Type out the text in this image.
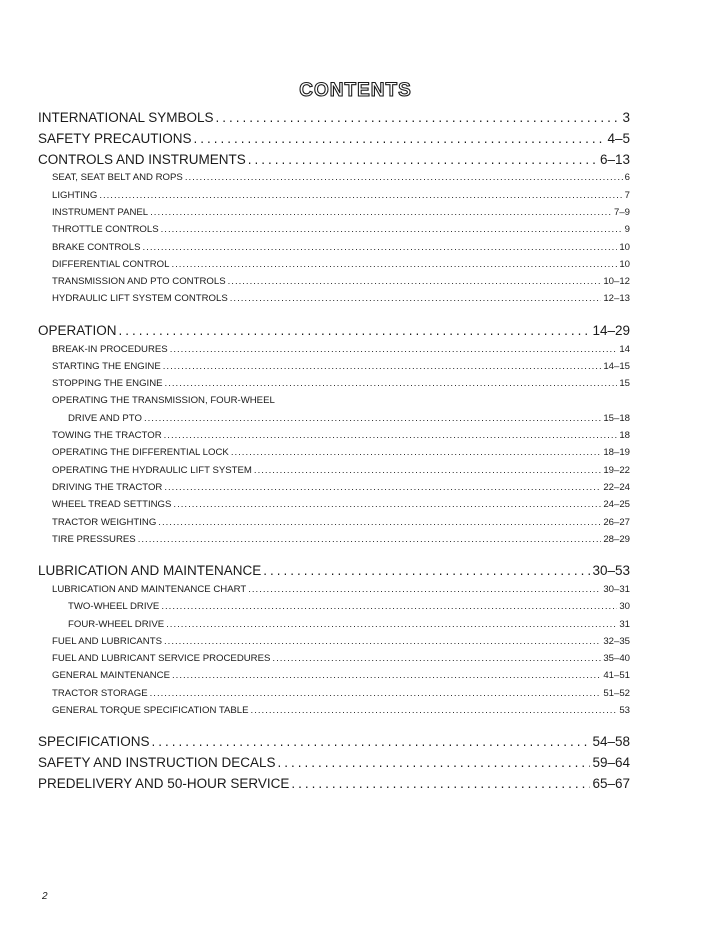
CONTENTS
INTERNATIONAL SYMBOLS .....	3
SAFETY PRECAUTIONS .....	4–5
CONTROLS AND INSTRUMENTS .....	6–13
SEAT, SEAT BELT AND ROPS .....	6
LIGHTING .....	7
INSTRUMENT PANEL .....	7–9
THROTTLE CONTROLS .....	9
BRAKE CONTROLS .....	10
DIFFERENTIAL CONTROL .....	10
TRANSMISSION AND PTO CONTROLS .....	10–12
HYDRAULIC LIFT SYSTEM CONTROLS .....	12–13
OPERATION .....	14–29
BREAK-IN PROCEDURES .....	14
STARTING THE ENGINE .....	14–15
STOPPING THE ENGINE .....	15
OPERATING THE TRANSMISSION, FOUR-WHEEL
DRIVE AND PTO .....	15–18
TOWING THE TRACTOR .....	18
OPERATING THE DIFFERENTIAL LOCK .....	18–19
OPERATING THE HYDRAULIC LIFT SYSTEM .....	19–22
DRIVING THE TRACTOR .....	22–24
WHEEL TREAD SETTINGS .....	24–25
TRACTOR WEIGHTING .....	26–27
TIRE PRESSURES .....	28–29
LUBRICATION AND MAINTENANCE .....	30–53
LUBRICATION AND MAINTENANCE CHART .....	30–31
TWO-WHEEL DRIVE .....	30
FOUR-WHEEL DRIVE .....	31
FUEL AND LUBRICANTS .....	32–35
FUEL AND LUBRICANT SERVICE PROCEDURES .....	35–40
GENERAL MAINTENANCE .....	41–51
TRACTOR STORAGE .....	51–52
GENERAL TORQUE SPECIFICATION TABLE .....	53
SPECIFICATIONS .....	54–58
SAFETY AND INSTRUCTION DECALS .....	59–64
PREDELIVERY AND 50-HOUR SERVICE .....	65–67
2
